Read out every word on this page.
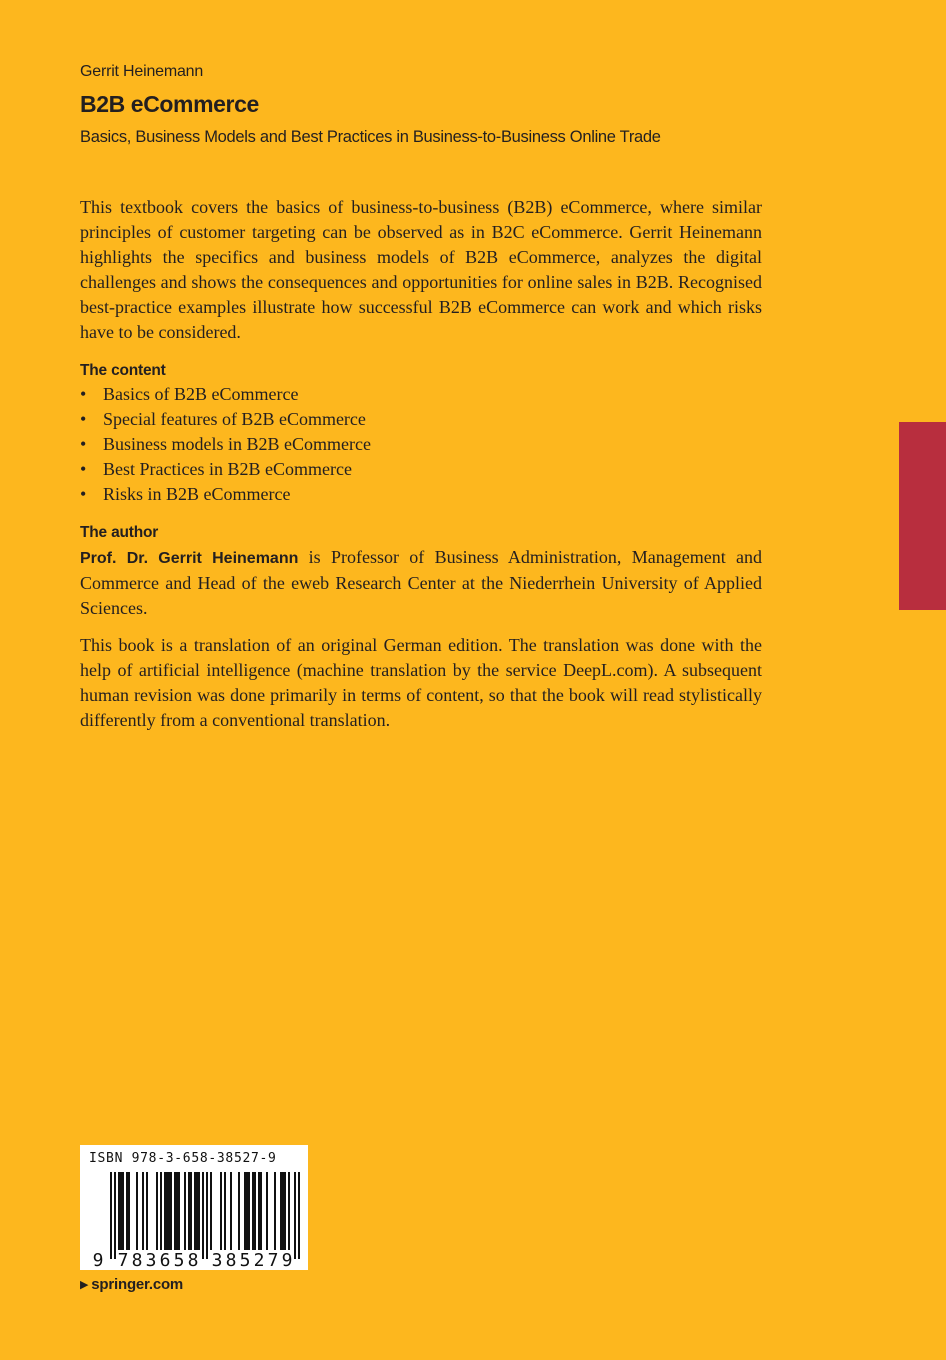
Gerrit Heinemann
B2B eCommerce
Basics, Business Models and Best Practices in Business-to-Business Online Trade

This textbook covers the basics of business-to-business (B2B) eCommerce, where similar principles of customer targeting can be observed as in B2C eCommerce. Gerrit Heinemann highlights the specifics and business models of B2B eCommerce, analyzes the digital challenges and shows the consequences and opportunities for online sales in B2B. Recognised best-practice examples illustrate how successful B2B eCommerce can work and which risks have to be considered.

The content
• Basics of B2B eCommerce
• Special features of B2B eCommerce
• Business models in B2B eCommerce
• Best Practices in B2B eCommerce
• Risks in B2B eCommerce
The author

Prof. Dr. Gerrit Heinemann is Professor of Business Administration, Management and Commerce and Head of the eweb Research Center at the Niederrhein University of Applied Sciences.

This book is a translation of an original German edition. The translation was done with the help of artificial intelligence (machine translation by the service DeepL.com). A subsequent human revision was done primarily in terms of content, so that the book will read stylistically differently from a conventional translation.

ISBN 978-3-658-38527-9
9 7 8 3 6 5 8 3 8 5 2 7 9
▶ springer.com
